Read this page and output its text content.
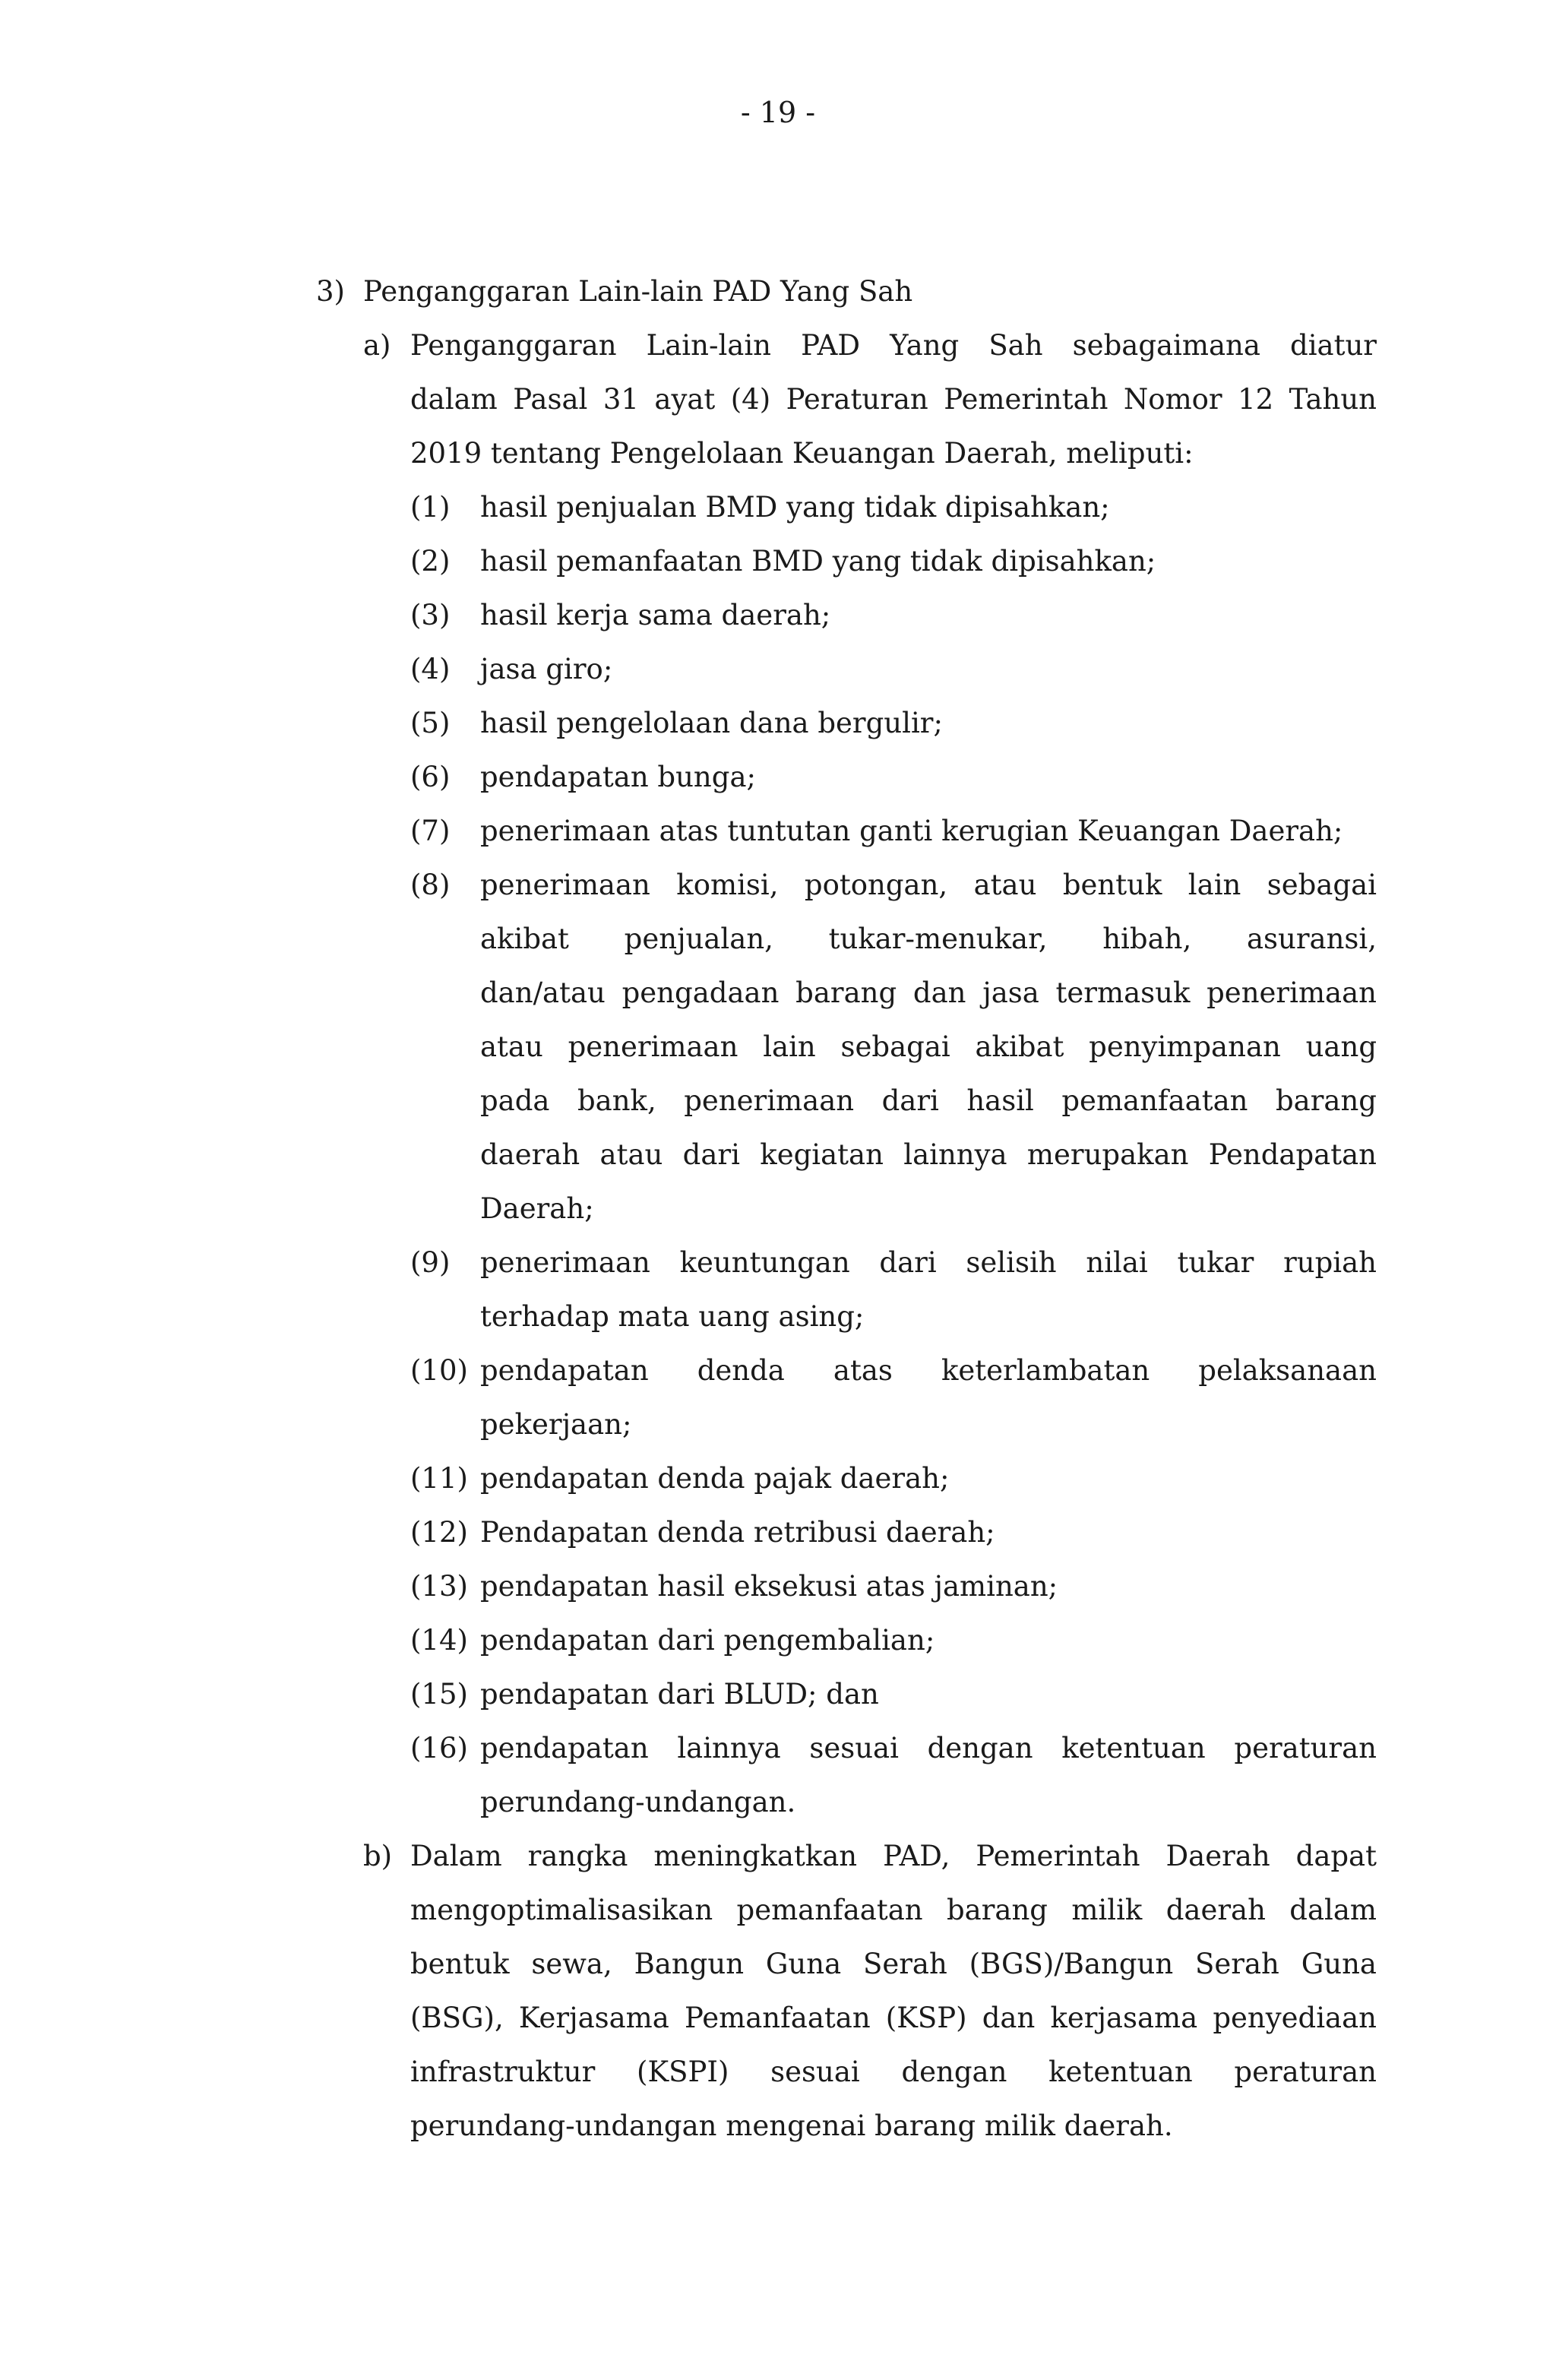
- 19 -
3) Penganggaran Lain-lain PAD Yang Sah
a) Penganggaran Lain-lain PAD Yang Sah sebagaimana diatur
dalam Pasal 31 ayat (4) Peraturan Pemerintah Nomor 12 Tahun
2019 tentang Pengelolaan Keuangan Daerah, meliputi:
(1) hasil penjualan BMD yang tidak dipisahkan;
(2) hasil pemanfaatan BMD yang tidak dipisahkan;
(3) hasil kerja sama daerah;
(4) jasa giro;
(5) hasil pengelolaan dana bergulir;
(6) pendapatan bunga;
(7) penerimaan atas tuntutan ganti kerugian Keuangan Daerah;
(8) penerimaan komisi, potongan, atau bentuk lain sebagai
akibat penjualan, tukar-menukar, hibah, asuransi,
dan/atau pengadaan barang dan jasa termasuk penerimaan
atau penerimaan lain sebagai akibat penyimpanan uang
pada bank, penerimaan dari hasil pemanfaatan barang
daerah atau dari kegiatan lainnya merupakan Pendapatan
Daerah;
(9) penerimaan keuntungan dari selisih nilai tukar rupiah
terhadap mata uang asing;
(10) pendapatan denda atas keterlambatan pelaksanaan
pekerjaan;
(11) pendapatan denda pajak daerah;
(12) Pendapatan denda retribusi daerah;
(13) pendapatan hasil eksekusi atas jaminan;
(14) pendapatan dari pengembalian;
(15) pendapatan dari BLUD; dan
(16) pendapatan lainnya sesuai dengan ketentuan peraturan
perundang-undangan.
b) Dalam rangka meningkatkan PAD, Pemerintah Daerah dapat
mengoptimalisasikan pemanfaatan barang milik daerah dalam
bentuk sewa, Bangun Guna Serah (BGS)/Bangun Serah Guna
(BSG), Kerjasama Pemanfaatan (KSP) dan kerjasama penyediaan
infrastruktur (KSPI) sesuai dengan ketentuan peraturan
perundang-undangan mengenai barang milik daerah.
